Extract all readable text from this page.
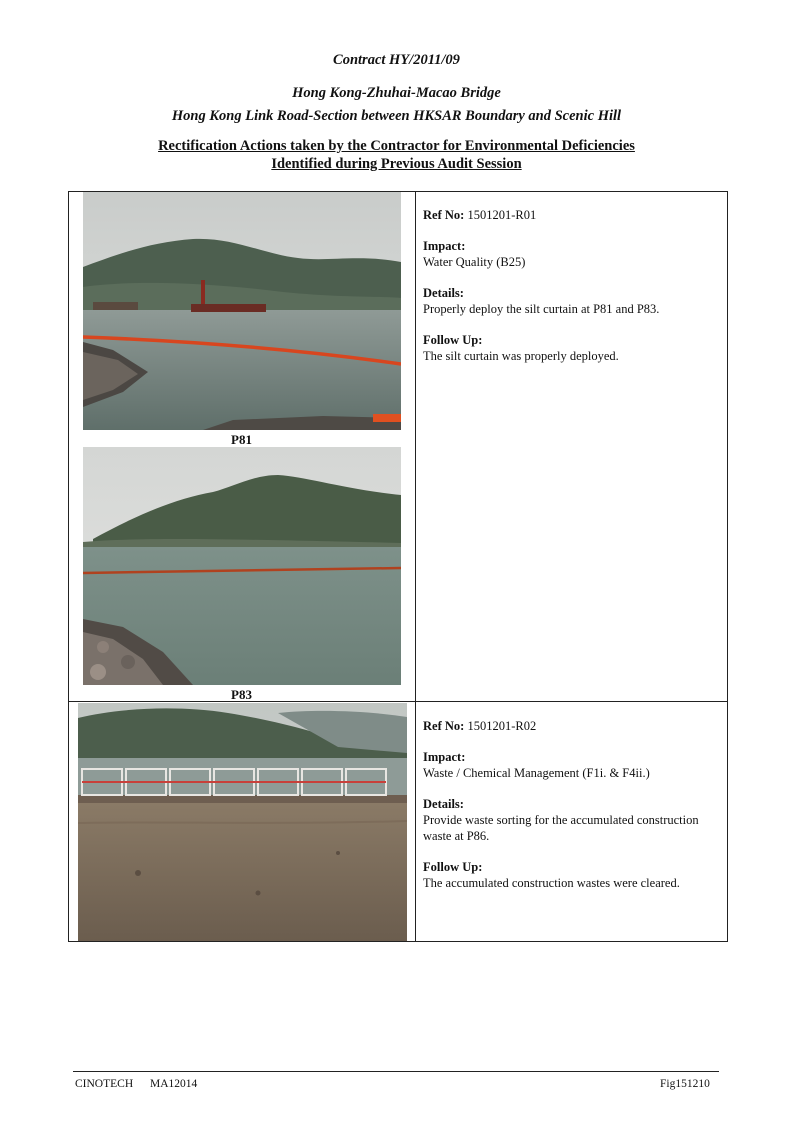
Contract HY/2011/09
Hong Kong-Zhuhai-Macao Bridge
Hong Kong Link Road-Section between HKSAR Boundary and Scenic Hill
Rectification Actions taken by the Contractor for Environmental Deficiencies
Identified during Previous Audit Session
P81
P83

Ref No: 1501201-R01

Impact:
Water Quality (B25)

Details:
Properly deploy the silt curtain at P81 and P83.

Follow Up:
The silt curtain was properly deployed.

Ref No: 1501201-R02

Impact:
Waste / Chemical Management (F1i. & F4ii.)

Details:
Provide waste sorting for the accumulated construction waste at P86.

Follow Up:
The accumulated construction wastes were cleared.

CINOTECH MA12014	Fig151210
